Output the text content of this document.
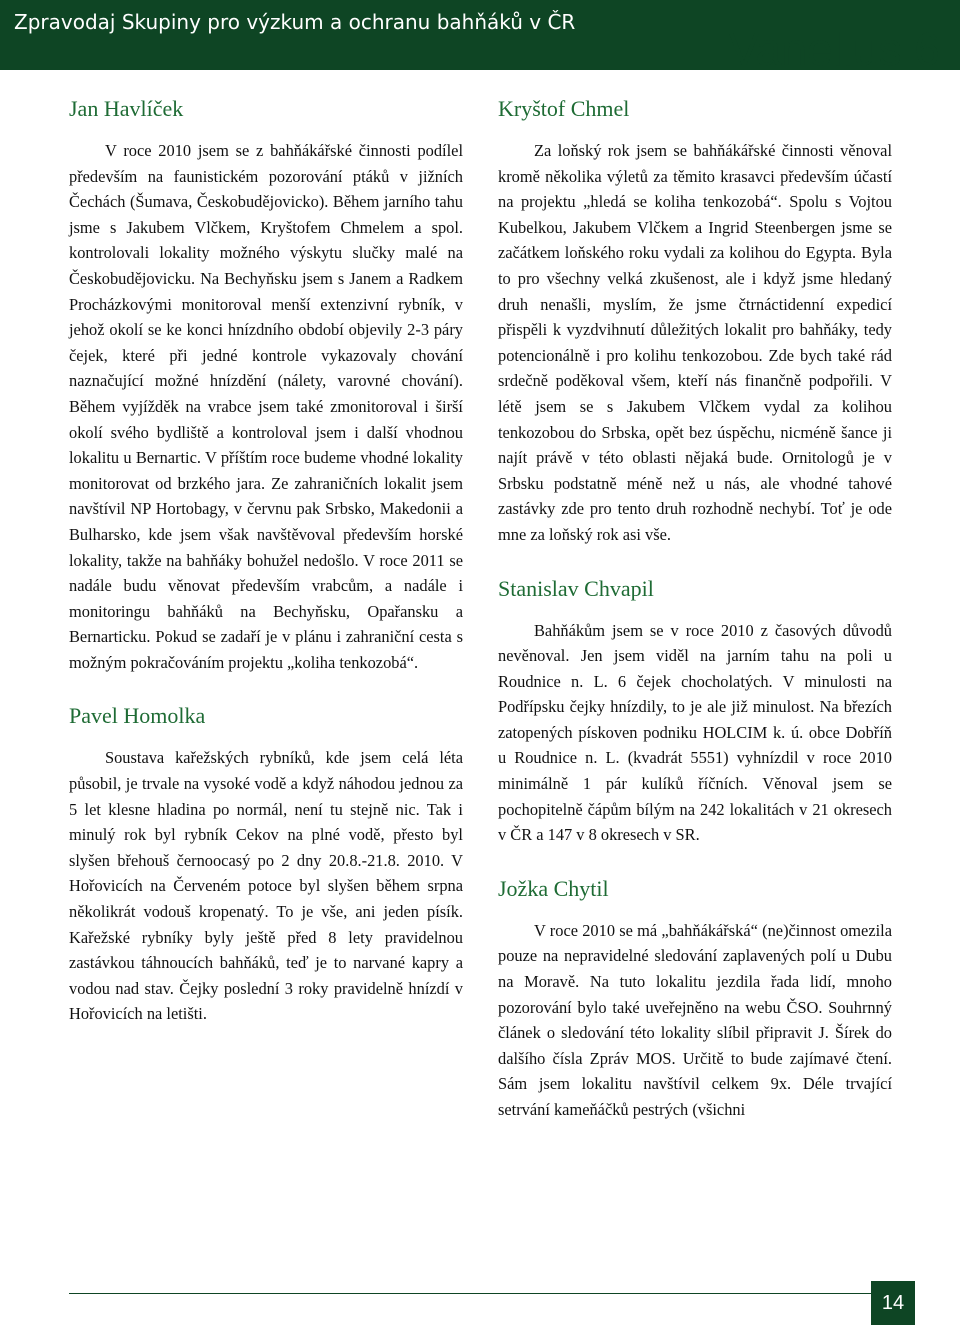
Zpravodaj Skupiny pro výzkum a ochranu bahňáků v ČR
Vanellus 6
Jan Havlíček

V roce 2010 jsem se z bahňákářské činnosti podílel především na faunistickém pozorování ptáků v jižních Čechách (Šumava, Českobudějovicko). Během jarního tahu jsme s Jakubem Vlčkem, Kryštofem Chmelem a spol. kontrolovali lokality možného výskytu slučky malé na Českobudějovicku. Na Bechyňsku jsem s Janem a Radkem Procházkovými monitoroval menší extenzivní rybník, v jehož okolí se ke konci hnízdního období objevily 2-3 páry čejek, které při jedné kontrole vykazovaly chování naznačující možné hnízdění (nálety, varovné chování). Během vyjížděk na vrabce jsem také zmonitoroval i širší okolí svého bydliště a kontroloval jsem i další vhodnou lokalitu u Bernartic. V příštím roce budeme vhodné lokality monitorovat od brzkého jara. Ze zahraničních lokalit jsem navštívil NP Hortobagy, v červnu pak Srbsko, Makedonii a Bulharsko, kde jsem však navštěvoval především horské lokality, takže na bahňáky bohužel nedošlo. V roce 2011 se nadále budu věnovat především vrabcům, a nadále i monitoringu bahňáků na Bechyňsku, Opařansku a Bernarticku. Pokud se zadaří je v plánu i zahraniční cesta s možným pokračováním projektu „koliha tenkozobá“.

Pavel Homolka

Soustava kařežských rybníků, kde jsem celá léta působil, je trvale na vysoké vodě a když náhodou jednou za 5 let klesne hladina po normál, není tu stejně nic. Tak i minulý rok byl rybník Cekov na plné vodě, přesto byl slyšen břehouš černoocasý po 2 dny 20.8.-21.8. 2010. V Hořovicích na Červeném potoce byl slyšen během srpna několikrát vodouš kropenatý. To je vše, ani jeden písík. Kařežské rybníky byly ještě před 8 lety pravidelnou zastávkou táhnoucích bahňáků, teď je to narvané kapry a vodou nad stav. Čejky poslední 3 roky pravidelně hnízdí v Hořovicích na letišti.

Kryštof Chmel

Za loňský rok jsem se bahňákářské činnosti věnoval kromě několika výletů za těmito krasavci především účastí na projektu „hledá se koliha tenkozobá“. Spolu s Vojtou Kubelkou, Jakubem Vlčkem a Ingrid Steenbergen jsme se začátkem loňského roku vydali za kolihou do Egypta. Byla to pro všechny velká zkušenost, ale i když jsme hledaný druh nenašli, myslím, že jsme čtrnáctidenní expedicí přispěli k vyzdvihnutí důležitých lokalit pro bahňáky, tedy potencionálně i pro kolihu tenkozobou. Zde bych také rád srdečně poděkoval všem, kteří nás finančně podpořili. V létě jsem se s Jakubem Vlčkem vydal za kolihou tenkozobou do Srbska, opět bez úspěchu, nicméně šance ji najít právě v této oblasti nějaká bude. Ornitologů je v Srbsku podstatně méně než u nás, ale vhodné tahové zastávky zde pro tento druh rozhodně nechybí. Toť je ode mne za loňský rok asi vše.

Stanislav Chvapil

Bahňákům jsem se v roce 2010 z časových důvodů nevěnoval. Jen jsem viděl na jarním tahu na poli u Roudnice n. L. 6 čejek chocholatých. V minulosti na Podřípsku čejky hnízdily, to je ale již minulost. Na březích zatopených pískoven podniku HOLCIM k. ú. obce Dobříň u Roudnice n. L. (kvadrát 5551) vyhnízdil v roce 2010 minimálně 1 pár kulíků říčních. Věnoval jsem se pochopitelně čápům bílým na 242 lokalitách v 21 okresech v ČR a 147 v 8 okresech v SR.

Jožka Chytil

V roce 2010 se má „bahňákářská“ (ne)činnost omezila pouze na nepravidelné sledování zaplavených polí u Dubu na Moravě. Na tuto lokalitu jezdila řada lidí, mnoho pozorování bylo také uveřejněno na webu ČSO. Souhrnný článek o sledování této lokality slíbil připravit J. Šírek do dalšího čísla Zpráv MOS. Určitě to bude zajímavé čtení. Sám jsem lokalitu navštívil celkem 9x. Déle trvající setrvání kameňáčků pestrých (všichni

14
